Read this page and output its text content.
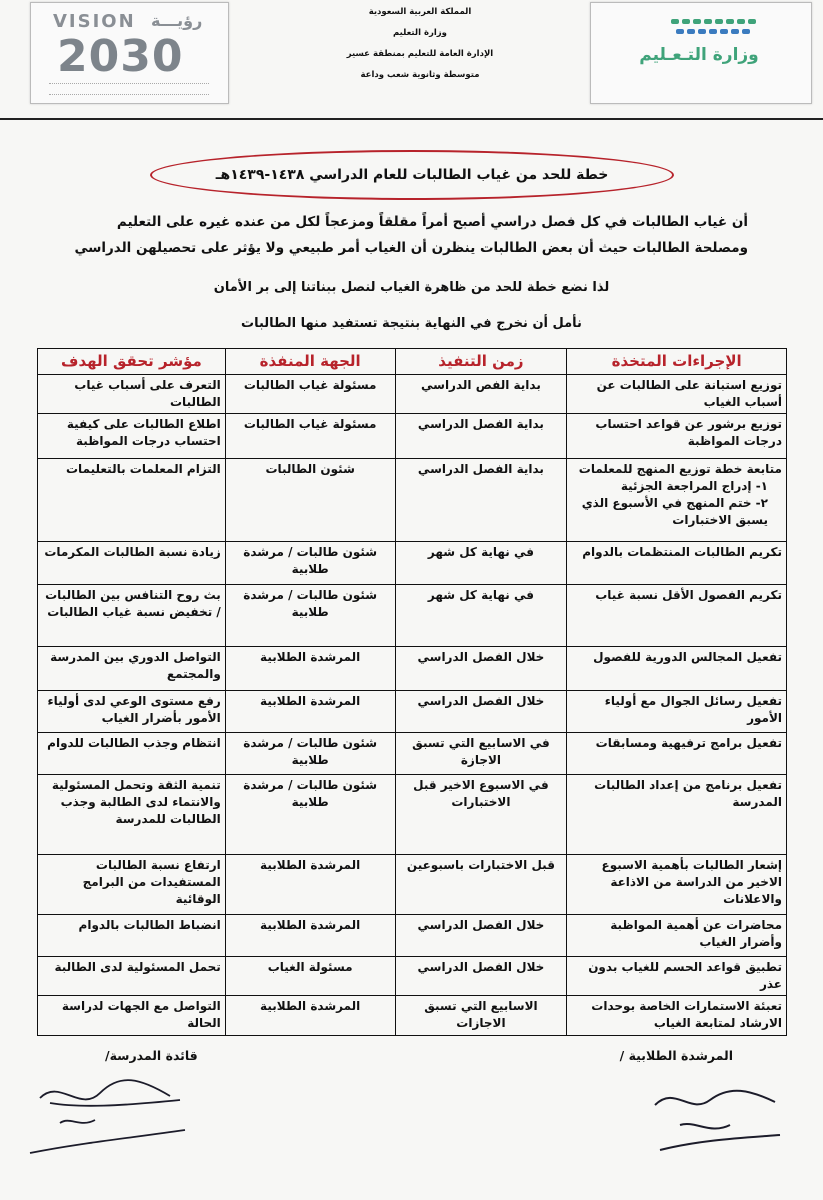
VISION رؤيـــة
2030
المملكة العربية السعودية
وزارة التعليم
الإدارة العامة للتعليم بمنطقة عسير
متوسطة وثانوية شعب وداعة
وزارة التـعـليم
خطة للحد من غياب الطالبات للعام الدراسي ١٤٣٨-١٤٣٩هـ
أن غياب الطالبات في كل فصل دراسي أصبح أمراً مقلقاً ومزعجاً لكل من عنده غيره على التعليم
ومصلحة الطالبات حيث أن بعض الطالبات ينظرن أن الغياب أمر طبيعي ولا يؤثر على تحصيلهن الدراسي
لذا نضع خطة للحد من ظاهرة الغياب لنصل ببناتنا إلى بر الأمان
نأمل أن نخرج في النهاية بنتيجة تستفيد منها الطالبات
الإجراءات المتخذة	زمن التنفيذ	الجهة المنفذة	مؤشر تحقق الهدف
توزيع استبانة على الطالبات عن أسباب الغياب	بداية الفص الدراسي	مسئولة غياب الطالبات	التعرف على أسباب غياب الطالبات
توزيع برشور عن قواعد احتساب درجات المواظبة	بداية الفصل الدراسي	مسئولة غياب الطالبات	اطلاع الطالبات على كيفية احتساب درجات المواظبة
متابعة خطة توزيع المنهج للمعلمات
١- إدراج المراجعة الجزئية
٢- ختم المنهج في الأسبوع الذي يسبق الاختبارات	بداية الفصل الدراسي	شئون الطالبات	التزام المعلمات بالتعليمات
تكريم الطالبات المنتظمات بالدوام	في نهاية كل شهر	شئون طالبات / مرشدة طلابية	زيادة نسبة الطالبات المكرمات
تكريم الفصول الأقل نسبة غياب	في نهاية كل شهر	شئون طالبات / مرشدة طلابية	بث روح التنافس بين الطالبات / تخفيض نسبة غياب الطالبات
تفعيل المجالس الدورية للفصول	خلال الفصل الدراسي	المرشدة الطلابية	التواصل الدوري بين المدرسة والمجتمع
تفعيل رسائل الجوال مع أولياء الأمور	خلال الفصل الدراسي	المرشدة الطلابية	رفع مستوى الوعي لدى أولياء الأمور بأضرار الغياب
تفعيل برامج ترفيهية ومسابقات	في الاسابيع التي تسبق الاجازة	شئون طالبات / مرشدة طلابية	انتظام وجذب الطالبات للدوام
تفعيل برنامج من إعداد الطالبات المدرسة	في الاسبوع الاخير قبل الاختبارات	شئون طالبات / مرشدة طلابية	تنمية الثقة وتحمل المسئولية والانتماء لدى الطالبة وجذب الطالبات للمدرسة
إشعار الطالبات بأهمية الاسبوع الاخير من الدراسة من الاذاعة والاعلانات	قبل الاختبارات باسبوعين	المرشدة الطلابية	ارتفاع نسبة الطالبات المستفيدات من البرامج الوقائية
محاضرات عن أهمية المواظبة وأضرار الغياب	خلال الفصل الدراسي	المرشدة الطلابية	انضباط الطالبات بالدوام
تطبيق قواعد الحسم للغياب بدون عذر	خلال الفصل الدراسي	مسئولة الغياب	تحمل المسئولية لدى الطالبة
تعبئة الاستمارات الخاصة بوحدات الارشاد لمتابعة الغياب	الاسابيع التي تسبق الاجازات	المرشدة الطلابية	التواصل مع الجهات لدراسة الحالة
المرشدة الطلابية /
قائدة المدرسة/
